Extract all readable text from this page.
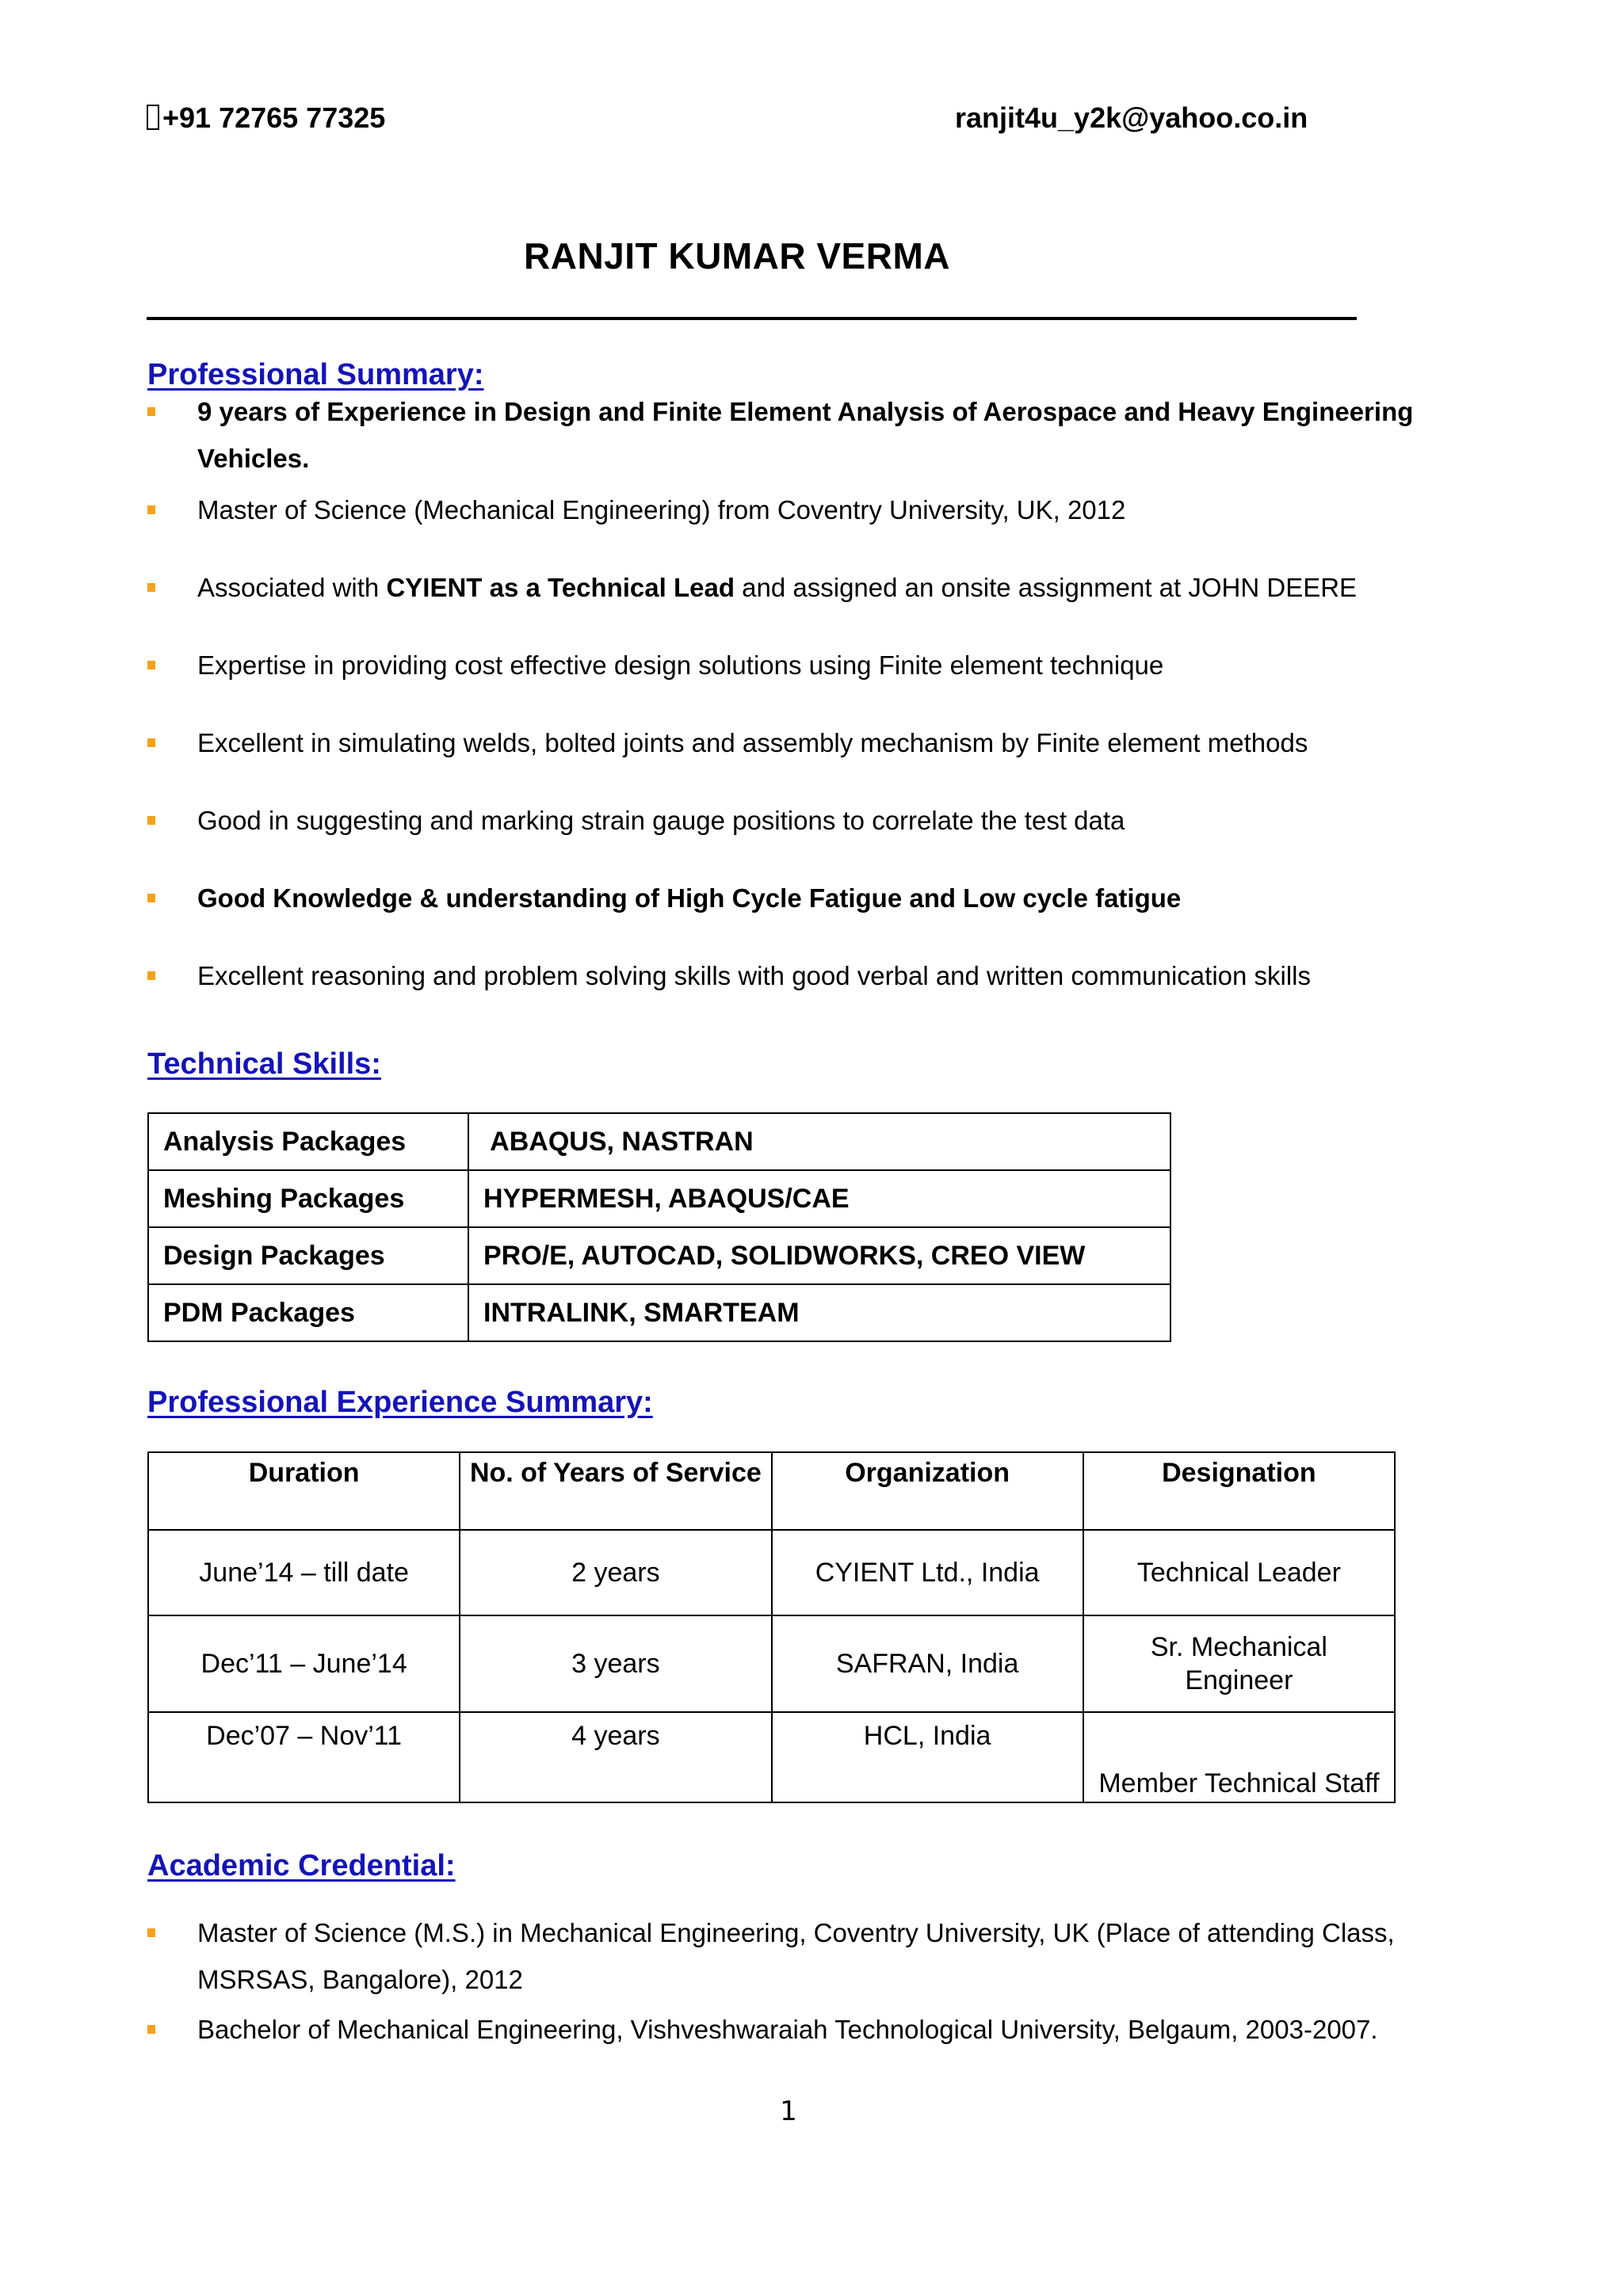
+91 72765 77325	ranjit4u_y2k@yahoo.co.in
RANJIT KUMAR VERMA
Professional Summary:
9 years of Experience in Design and Finite Element Analysis of Aerospace and Heavy Engineering Vehicles.
Master of Science (Mechanical Engineering) from Coventry University, UK, 2012
Associated with CYIENT as a Technical Lead and assigned an onsite assignment at JOHN DEERE
Expertise in providing cost effective design solutions using Finite element technique
Excellent in simulating welds, bolted joints and assembly mechanism by Finite element methods
Good in suggesting and marking strain gauge positions to correlate the test data
Good Knowledge & understanding of High Cycle Fatigue and Low cycle fatigue
Excellent reasoning and problem solving skills with good verbal and written communication skills
Technical Skills:
Analysis Packages	ABAQUS, NASTRAN
Meshing Packages	HYPERMESH, ABAQUS/CAE
Design Packages	PRO/E, AUTOCAD, SOLIDWORKS, CREO VIEW
PDM Packages	INTRALINK, SMARTEAM
Professional Experience Summary:
Duration	No. of Years of Service	Organization	Designation
June’14 – till date	2 years	CYIENT Ltd., India	Technical Leader
Dec’11 – June’14	3 years	SAFRAN, India	Sr. Mechanical Engineer
Dec’07 – Nov’11	4 years	HCL, India	Member Technical Staff
Academic Credential:
Master of Science (M.S.) in Mechanical Engineering, Coventry University, UK (Place of attending Class, MSRSAS, Bangalore), 2012
Bachelor of Mechanical Engineering, Vishveshwaraiah Technological University, Belgaum, 2003-2007.
1
